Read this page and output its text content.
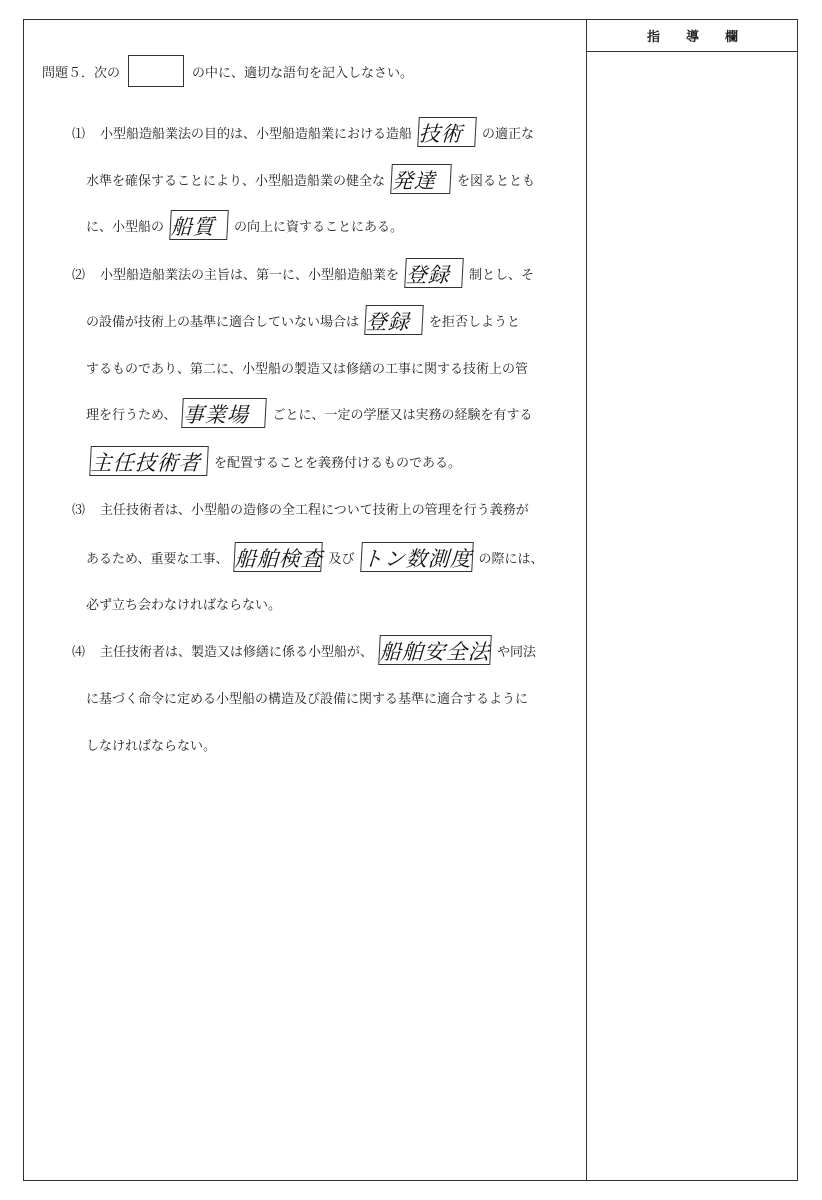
指　　導　　欄
問題５．次の	の中に、適切な語句を記入しなさい。
⑴	小型船造船業法の目的は、小型船造船業における造船 技術	の適正な
水準を確保することにより、小型船造船業の健全な 発達	を図るととも
に、小型船の 船質	の向上に資することにある。
⑵	小型船造船業法の主旨は、第一に、小型船造船業を 登録	制とし、そ
の設備が技術上の基準に適合していない場合は 登録	を拒否しようと
するものであり、第二に、小型船の製造又は修繕の工事に関する技術上の管
理を行うため、 事業場	ごとに、一定の学歴又は実務の経験を有する
主任技術者 を配置することを義務付けるものである。
⑶	主任技術者は、小型船の造修の全工程について技術上の管理を行う義務が
あるため、重要な工事、 船舶検査 及び トン数測度 の際には、
必ず立ち会わなければならない。
⑷	主任技術者は、製造又は修繕に係る小型船が、 船舶安全法 や同法
に基づく命令に定める小型船の構造及び設備に関する基準に適合するように
しなければならない。
